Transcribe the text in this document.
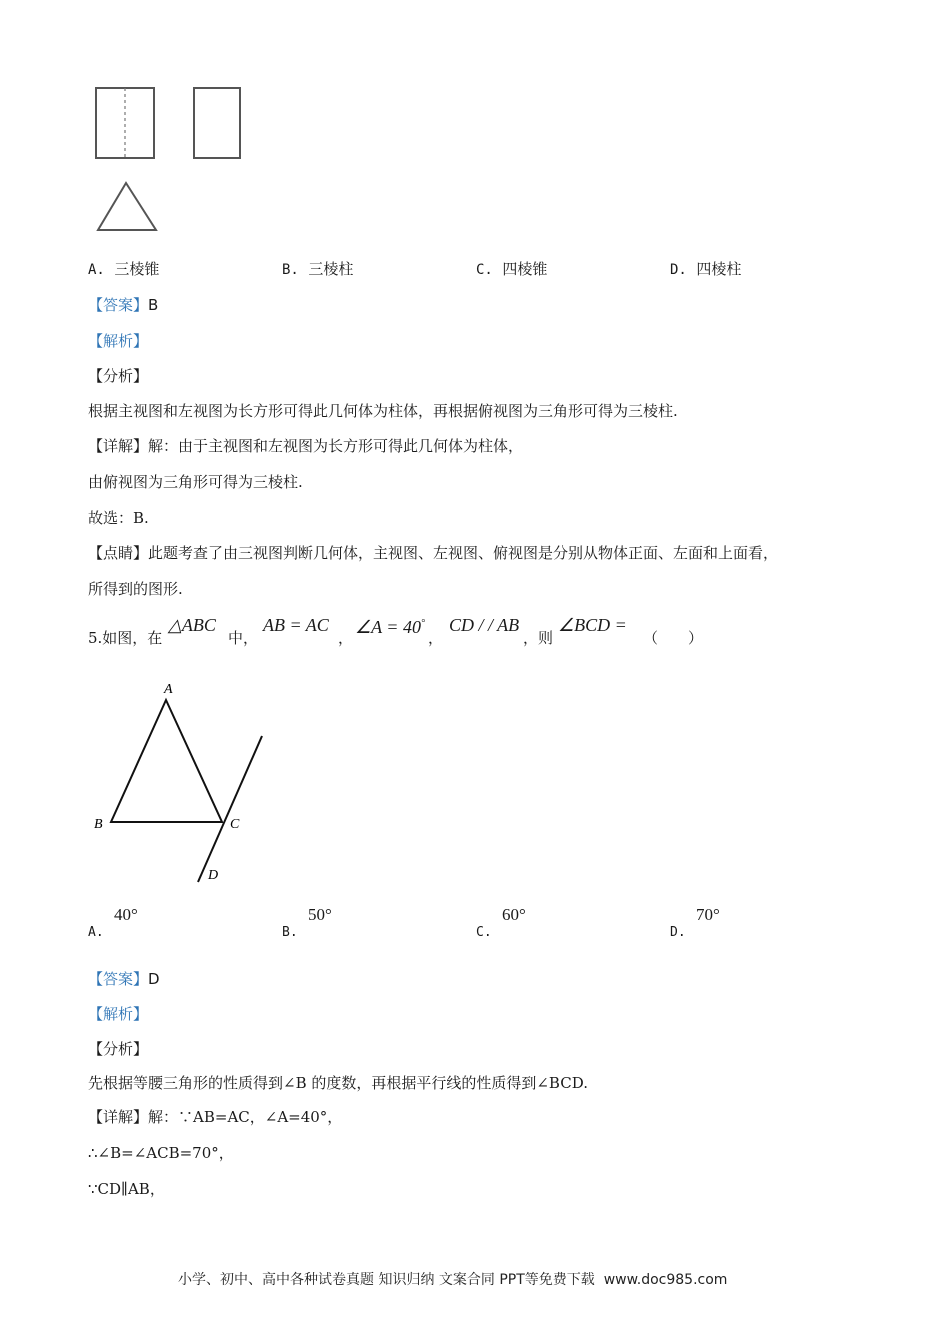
A. 三棱锥	B. 三棱柱	C. 四棱锥	D. 四棱柱
【答案】B
【解析】
【分析】
根据主视图和左视图为长方形可得此几何体为柱体，再根据俯视图为三角形可得为三棱柱.
【详解】解：由于主视图和左视图为长方形可得此几何体为柱体，
由俯视图为三角形可得为三棱柱.
故选：B.
【点睛】此题考查了由三视图判断几何体，主视图、左视图、俯视图是分别从物体正面、左面和上面看，
所得到的图形.
5.如图，在
△ABC
中，
AB = AC
，
∠A = 40°
，
CD / / AB
，则
∠BCD =
（　　）
A
B	C
D
A.
40°
B.
50°
C.
60°
D.
70°
【答案】D
【解析】
【分析】
先根据等腰三角形的性质得到∠B 的度数，再根据平行线的性质得到∠BCD.
【详解】解：∵AB=AC，∠A=40°，
∴∠B=∠ACB=70°，
∵CD∥AB，
小学、初中、高中各种试卷真题 知识归纳 文案合同 PPT等免费下载 www.doc985.com
